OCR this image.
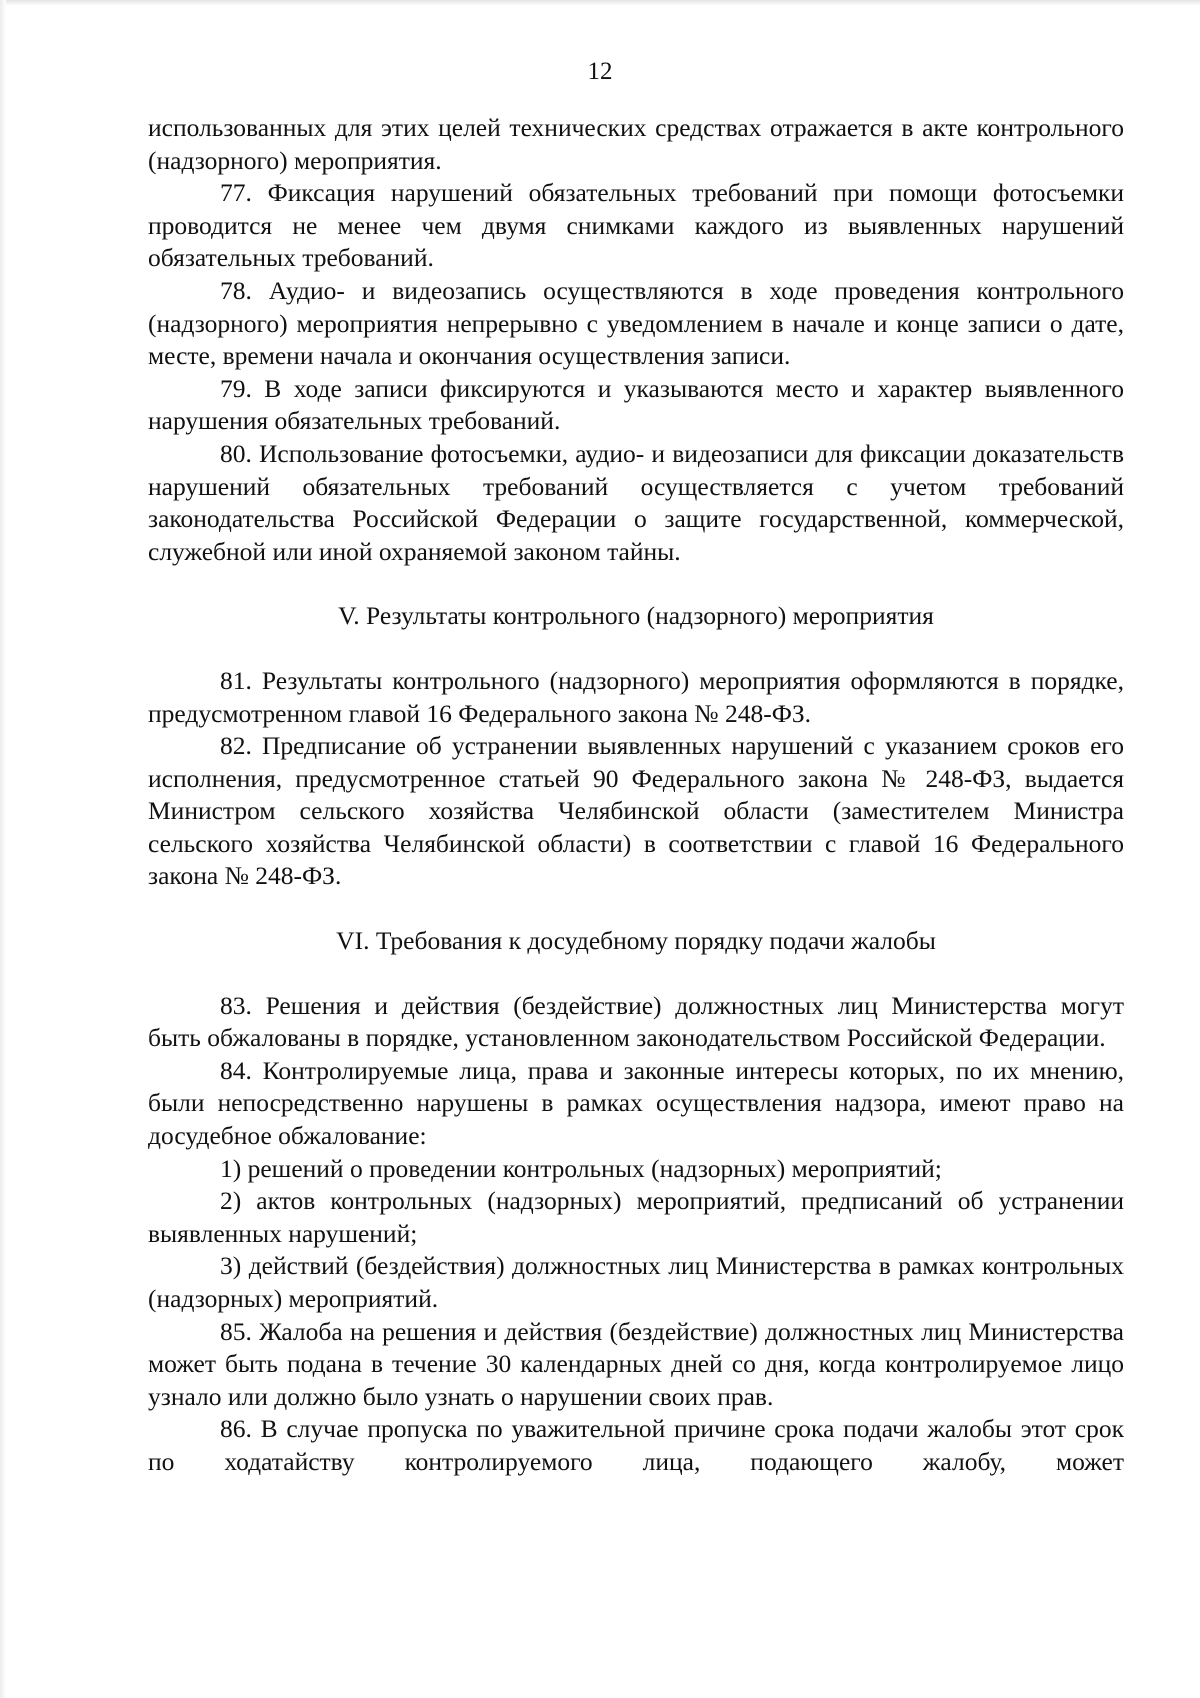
12

использованных для этих целей технических средствах отражается в акте контрольного (надзорного) мероприятия.

77. Фиксация нарушений обязательных требований при помощи фотосъемки проводится не менее чем двумя снимками каждого из выявленных нарушений обязательных требований.

78. Аудио- и видеозапись осуществляются в ходе проведения контрольного (надзорного) мероприятия непрерывно с уведомлением в начале и конце записи о дате, месте, времени начала и окончания осуществления записи.

79. В ходе записи фиксируются и указываются место и характер выявленного нарушения обязательных требований.

80. Использование фотосъемки, аудио- и видеозаписи для фиксации доказательств нарушений обязательных требований осуществляется с учетом требований законодательства Российской Федерации о защите государственной, коммерческой, служебной или иной охраняемой законом тайны.

V. Результаты контрольного (надзорного) мероприятия

81. Результаты контрольного (надзорного) мероприятия оформляются в порядке, предусмотренном главой 16 Федерального закона № 248-ФЗ.

82. Предписание об устранении выявленных нарушений с указанием сроков его исполнения, предусмотренное статьей 90 Федерального закона № 248-ФЗ, выдается Министром сельского хозяйства Челябинской области (заместителем Министра сельского хозяйства Челябинской области) в соответствии с главой 16 Федерального закона № 248-ФЗ.

VI. Требования к досудебному порядку подачи жалобы

83. Решения и действия (бездействие) должностных лиц Министерства могут быть обжалованы в порядке, установленном законодательством Российской Федерации.

84. Контролируемые лица, права и законные интересы которых, по их мнению, были непосредственно нарушены в рамках осуществления надзора, имеют право на досудебное обжалование:

1) решений о проведении контрольных (надзорных) мероприятий;

2) актов контрольных (надзорных) мероприятий, предписаний об устранении выявленных нарушений;

3) действий (бездействия) должностных лиц Министерства в рамках контрольных (надзорных) мероприятий.

85. Жалоба на решения и действия (бездействие) должностных лиц Министерства может быть подана в течение 30 календарных дней со дня, когда контролируемое лицо узнало или должно было узнать о нарушении своих прав.

86. В случае пропуска по уважительной причине срока подачи жалобы этот срок по ходатайству контролируемого лица, подающего жалобу, может
